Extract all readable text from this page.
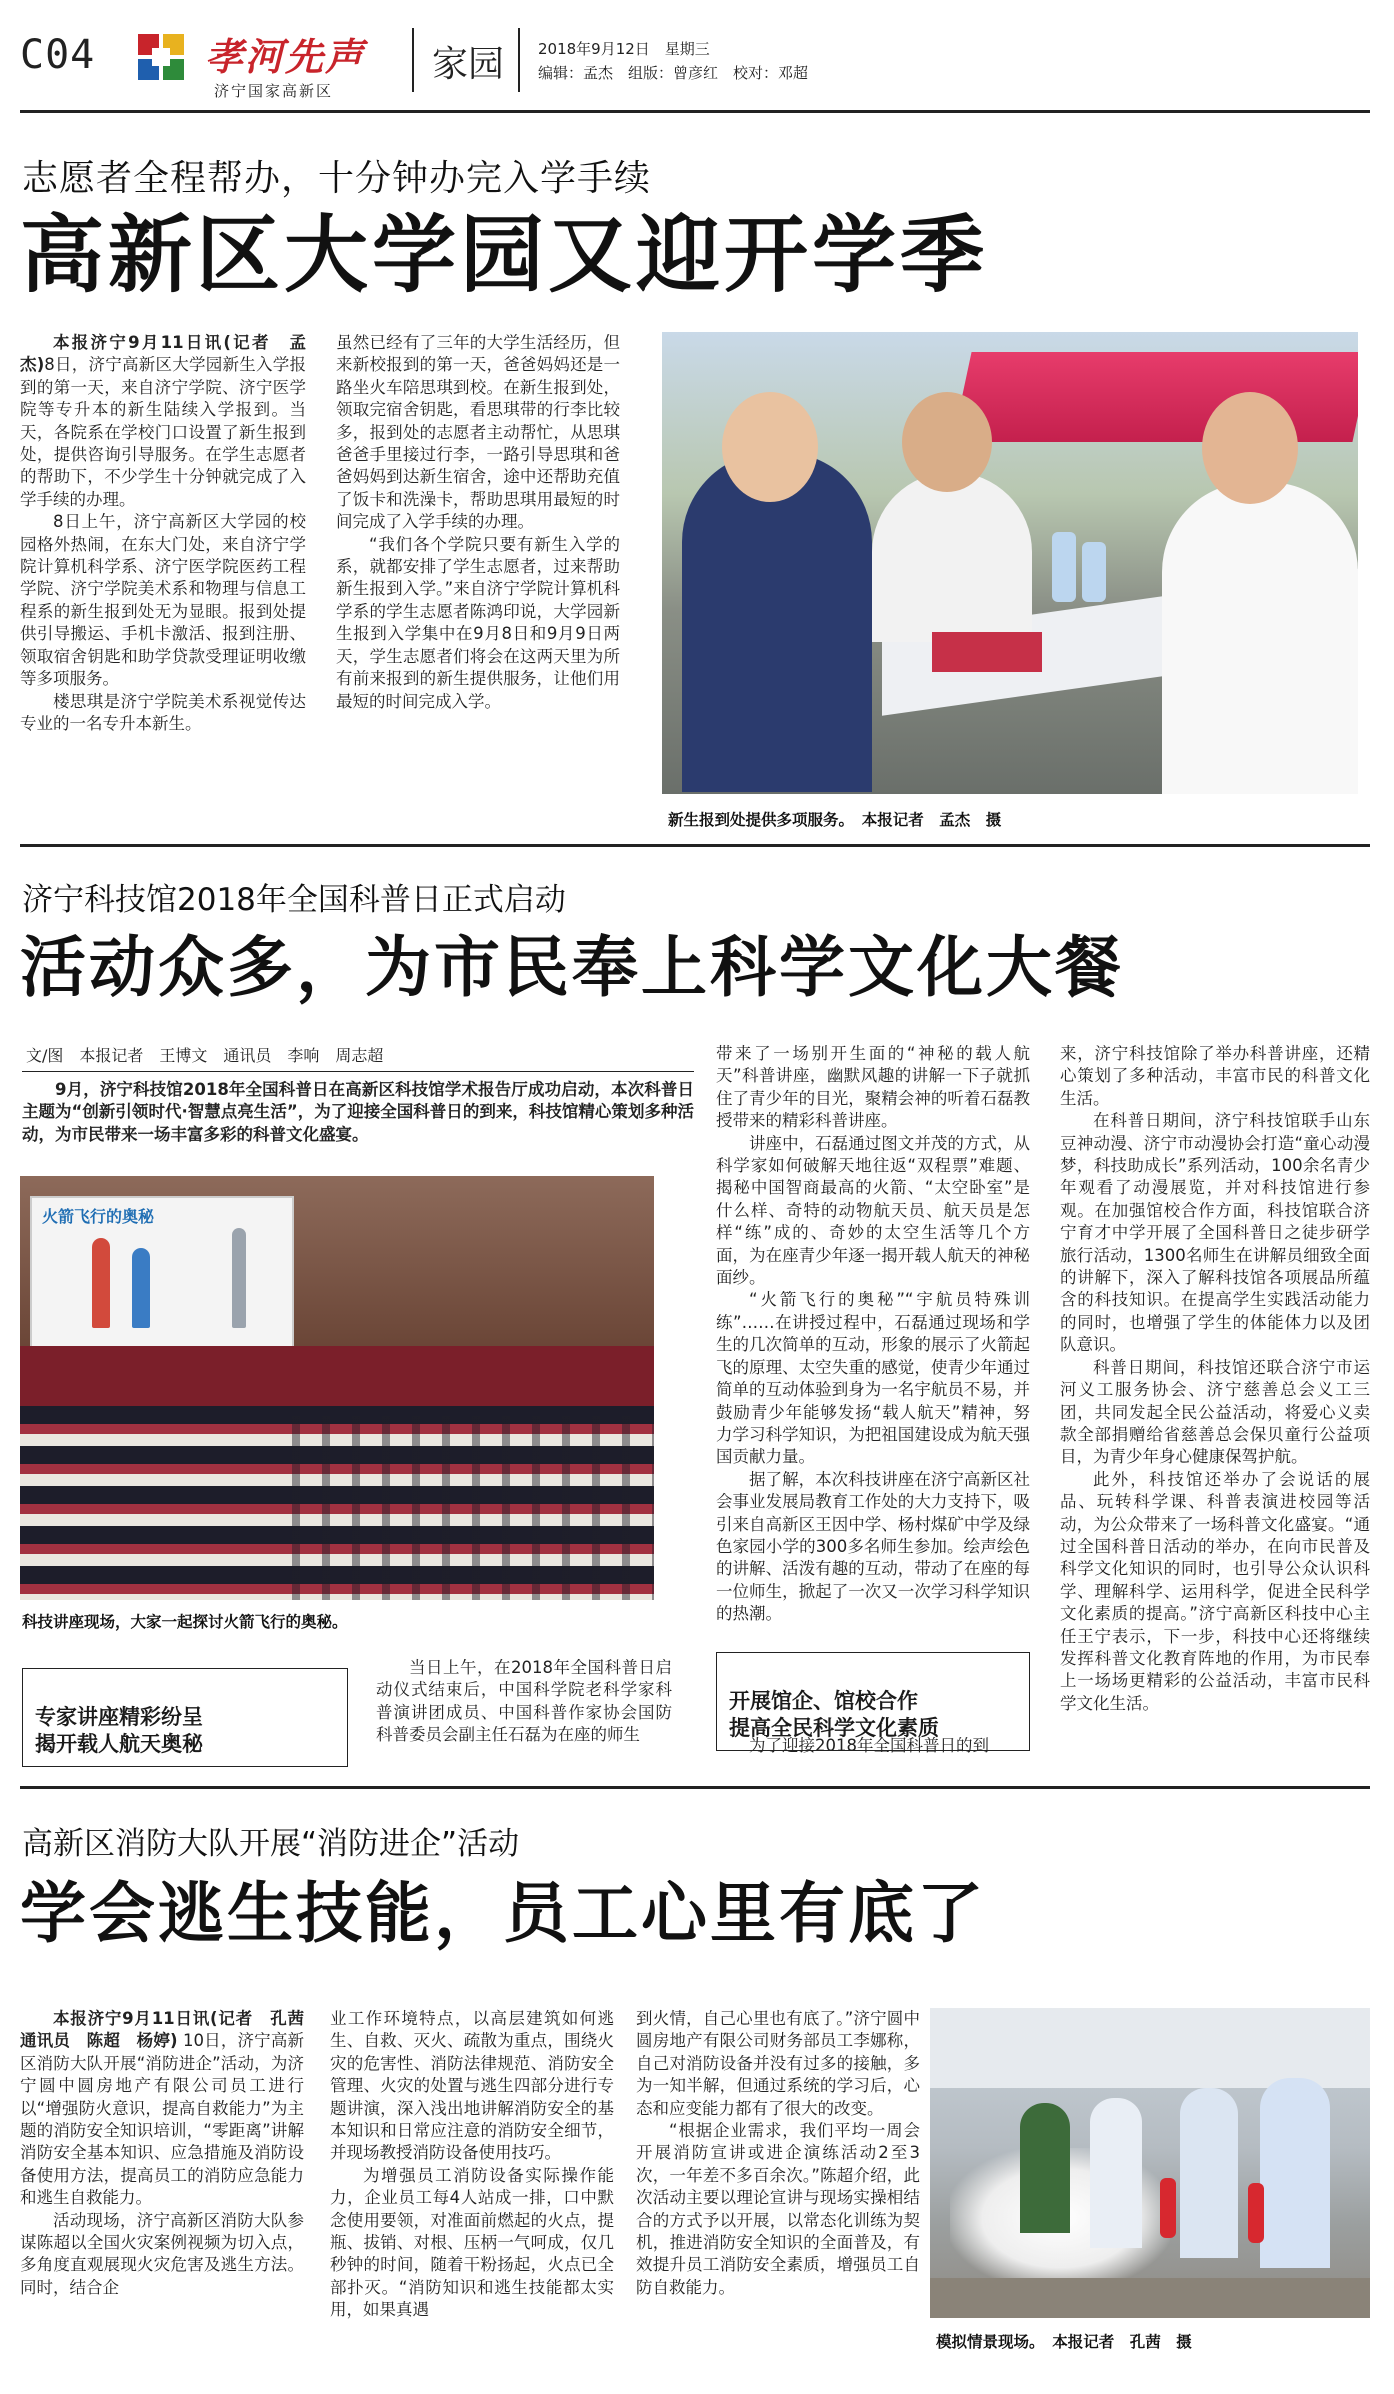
C04	孝河先声
济宁国家高新区
家园 2018年9月12日　星期三
编辑：孟杰　组版：曾彦红　校对：邓超
志愿者全程帮办，十分钟办完入学手续
高新区大学园又迎开学季

本报济宁9月11日讯(记者　孟杰)8日，济宁高新区大学园新生入学报到的第一天，来自济宁学院、济宁医学院等专升本的新生陆续入学报到。当天，各院系在学校门口设置了新生报到处，提供咨询引导服务。在学生志愿者的帮助下，不少学生十分钟就完成了入学手续的办理。

8日上午，济宁高新区大学园的校园格外热闹，在东大门处，来自济宁学院计算机科学系、济宁医学院医药工程学院、济宁学院美术系和物理与信息工程系的新生报到处无为显眼。报到处提供引导搬运、手机卡激活、报到注册、领取宿舍钥匙和助学贷款受理证明收缴等多项服务。

楼思琪是济宁学院美术系视觉传达专业的一名专升本新生。

虽然已经有了三年的大学生活经历，但来新校报到的第一天，爸爸妈妈还是一路坐火车陪思琪到校。在新生报到处，领取完宿舍钥匙，看思琪带的行李比较多，报到处的志愿者主动帮忙，从思琪爸爸手里接过行李，一路引导思琪和爸爸妈妈到达新生宿舍，途中还帮助充值了饭卡和洗澡卡，帮助思琪用最短的时间完成了入学手续的办理。

“我们各个学院只要有新生入学的系，就都安排了学生志愿者，过来帮助新生报到入学。”来自济宁学院计算机科学系的学生志愿者陈鸿印说，大学园新生报到入学集中在9月8日和9月9日两天，学生志愿者们将会在这两天里为所有前来报到的新生提供服务，让他们用最短的时间完成入学。

新生报到处提供多项服务。　本报记者　孟杰　摄
济宁科技馆2018年全国科普日正式启动
活动众多，为市民奉上科学文化大餐
文/图　本报记者　王博文　通讯员　李响　周志超

9月，济宁科技馆2018年全国科普日在高新区科技馆学术报告厅成功启动，本次科普日主题为“创新引领时代·智慧点亮生活”，为了迎接全国科普日的到来，科技馆精心策划多种活动，为市民带来一场丰富多彩的科普文化盛宴。

火箭飞行的奥秘
科技讲座现场，大家一起探讨火箭飞行的奥秘。

专家讲座精彩纷呈
揭开载人航天奥秘

当日上午，在2018年全国科普日启动仪式结束后，中国科学院老科学家科普演讲团成员、中国科普作家协会国防科普委员会副主任石磊为在座的师生

带来了一场别开生面的“神秘的载人航天”科普讲座，幽默风趣的讲解一下子就抓住了青少年的目光，聚精会神的听着石磊教授带来的精彩科普讲座。

讲座中，石磊通过图文并茂的方式，从科学家如何破解天地往返“双程票”难题、揭秘中国智商最高的火箭、“太空卧室”是什么样、奇特的动物航天员、航天员是怎样“练”成的、奇妙的太空生活等几个方面，为在座青少年逐一揭开载人航天的神秘面纱。

“火箭飞行的奥秘”“宇航员特殊训练”……在讲授过程中，石磊通过现场和学生的几次简单的互动，形象的展示了火箭起飞的原理、太空失重的感觉，使青少年通过简单的互动体验到身为一名宇航员不易，并鼓励青少年能够发扬“载人航天”精神，努力学习科学知识，为把祖国建设成为航天强国贡献力量。

据了解，本次科技讲座在济宁高新区社会事业发展局教育工作处的大力支持下，吸引来自高新区王因中学、杨村煤矿中学及绿色家园小学的300多名师生参加。绘声绘色的讲解、活泼有趣的互动，带动了在座的每一位师生，掀起了一次又一次学习科学知识的热潮。

开展馆企、馆校合作
提高全民科学文化素质

为了迎接2018年全国科普日的到

来，济宁科技馆除了举办科普讲座，还精心策划了多种活动，丰富市民的科普文化生活。

在科普日期间，济宁科技馆联手山东豆神动漫、济宁市动漫协会打造“童心动漫梦，科技助成长”系列活动，100余名青少年观看了动漫展览，并对科技馆进行参观。在加强馆校合作方面，科技馆联合济宁育才中学开展了全国科普日之徒步研学旅行活动，1300名师生在讲解员细致全面的讲解下，深入了解科技馆各项展品所蕴含的科技知识。在提高学生实践活动能力的同时，也增强了学生的体能体力以及团队意识。

科普日期间，科技馆还联合济宁市运河义工服务协会、济宁慈善总会义工三团，共同发起全民公益活动，将爱心义卖款全部捐赠给省慈善总会保贝童行公益项目，为青少年身心健康保驾护航。

此外，科技馆还举办了会说话的展品、玩转科学课、科普表演进校园等活动，为公众带来了一场科普文化盛宴。“通过全国科普日活动的举办，在向市民普及科学文化知识的同时，也引导公众认识科学、理解科学、运用科学，促进全民科学文化素质的提高。”济宁高新区科技中心主任王宁表示，下一步，科技中心还将继续发挥科普文化教育阵地的作用，为市民奉上一场场更精彩的公益活动，丰富市民科学文化生活。

高新区消防大队开展“消防进企”活动
学会逃生技能，员工心里有底了

本报济宁9月11日讯(记者　孔茜　通讯员　陈超　杨婷) 10日，济宁高新区消防大队开展“消防进企”活动，为济宁圆中圆房地产有限公司员工进行以“增强防火意识，提高自救能力”为主题的消防安全知识培训，“零距离”讲解消防安全基本知识、应急措施及消防设备使用方法，提高员工的消防应急能力和逃生自救能力。

活动现场，济宁高新区消防大队参谋陈超以全国火灾案例视频为切入点，多角度直观展现火灾危害及逃生方法。同时，结合企

业工作环境特点，以高层建筑如何逃生、自救、灭火、疏散为重点，围绕火灾的危害性、消防法律规范、消防安全管理、火灾的处置与逃生四部分进行专题讲演，深入浅出地讲解消防安全的基本知识和日常应注意的消防安全细节，并现场教授消防设备使用技巧。

为增强员工消防设备实际操作能力，企业员工每4人站成一排，口中默念使用要领，对准面前燃起的火点，提瓶、拔销、对根、压柄一气呵成，仅几秒钟的时间，随着干粉扬起，火点已全部扑灭。“消防知识和逃生技能都太实用，如果真遇

到火情，自己心里也有底了。”济宁圆中圆房地产有限公司财务部员工李娜称，自己对消防设备并没有过多的接触，多为一知半解，但通过系统的学习后，心态和应变能力都有了很大的改变。

“根据企业需求，我们平均一周会开展消防宣讲或进企演练活动2至3次，一年差不多百余次。”陈超介绍，此次活动主要以理论宣讲与现场实操相结合的方式予以开展，以常态化训练为契机，推进消防安全知识的全面普及，有效提升员工消防安全素质，增强员工自防自救能力。

模拟情景现场。　本报记者　孔茜　摄
